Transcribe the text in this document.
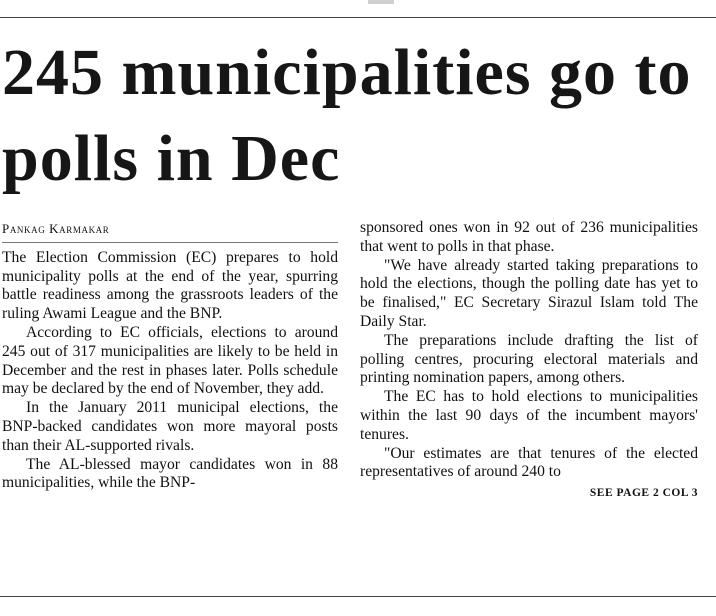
245 municipalities go to polls in Dec
Pankag Karmakar

The Election Commission (EC) prepares to hold municipality polls at the end of the year, spurring battle readiness among the grassroots leaders of the ruling Awami League and the BNP.

According to EC officials, elections to around 245 out of 317 municipalities are likely to be held in December and the rest in phases later. Polls schedule may be declared by the end of November, they add.

In the January 2011 municipal elections, the BNP-backed candidates won more mayoral posts than their AL-supported rivals.

The AL-blessed mayor candidates won in 88 municipalities, while the BNP-

sponsored ones won in 92 out of 236 municipalities that went to polls in that phase.

"We have already started taking preparations to hold the elections, though the polling date has yet to be finalised," EC Secretary Sirazul Islam told The Daily Star.

The preparations include drafting the list of polling centres, procuring electoral materials and printing nomination papers, among others.

The EC has to hold elections to municipalities within the last 90 days of the incumbent mayors' tenures.

"Our estimates are that tenures of the elected representatives of around 240 to

SEE PAGE 2 COL 3
